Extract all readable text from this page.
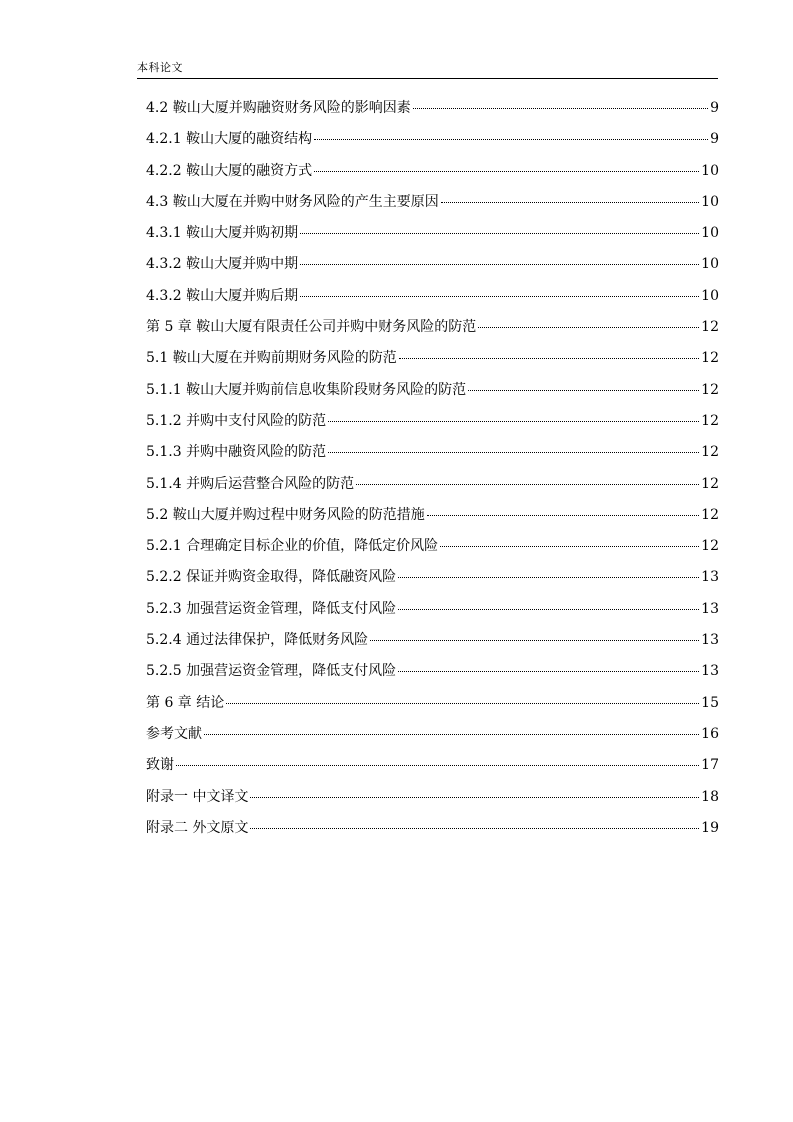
本科论文
4.2 鞍山大厦并购融资财务风险的影响因素	9
4.2.1 鞍山大厦的融资结构	9
4.2.2 鞍山大厦的融资方式	10
4.3 鞍山大厦在并购中财务风险的产生主要原因	10
4.3.1 鞍山大厦并购初期	10
4.3.2 鞍山大厦并购中期	10
4.3.2 鞍山大厦并购后期	10
第 5 章 鞍山大厦有限责任公司并购中财务风险的防范	12
5.1 鞍山大厦在并购前期财务风险的防范	12
5.1.1 鞍山大厦并购前信息收集阶段财务风险的防范	12
5.1.2 并购中支付风险的防范	12
5.1.3 并购中融资风险的防范	12
5.1.4 并购后运营整合风险的防范	12
5.2 鞍山大厦并购过程中财务风险的防范措施	12
5.2.1 合理确定目标企业的价值，降低定价风险	12
5.2.2 保证并购资金取得，降低融资风险	13
5.2.3 加强营运资金管理，降低支付风险	13
5.2.4 通过法律保护，降低财务风险	13
5.2.5 加强营运资金管理，降低支付风险	13
第 6 章 结论	15
参考文献	16
致谢	17
附录一 中文译文	18
附录二 外文原文	19
